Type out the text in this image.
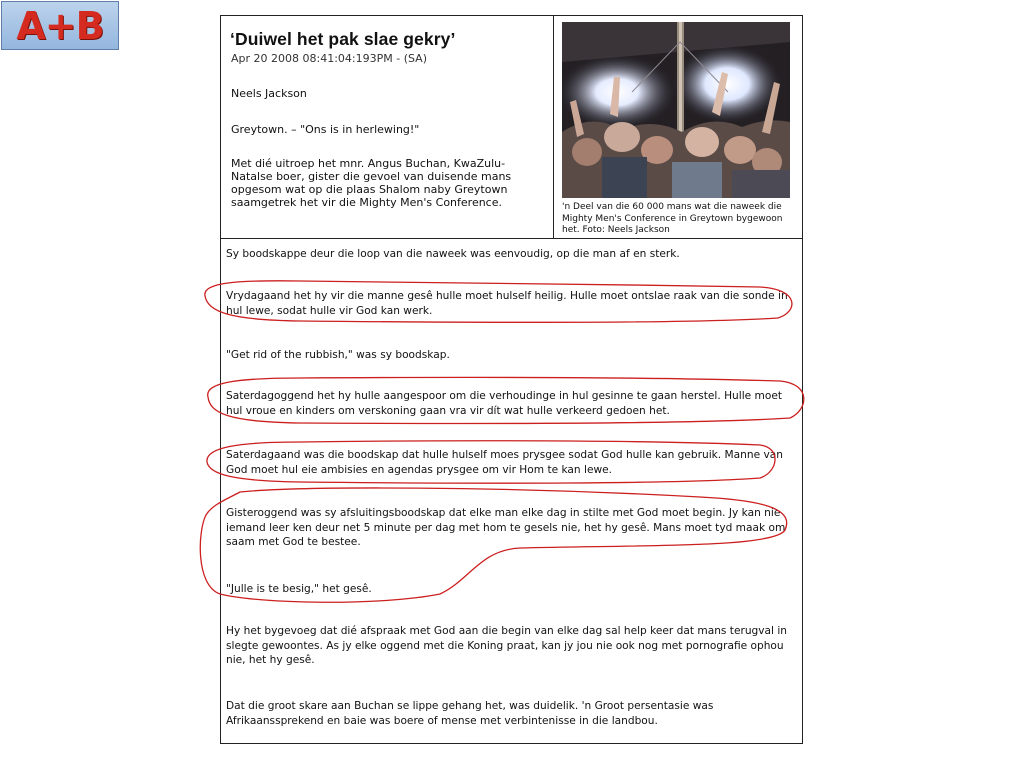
A+B	‘Duiwel het pak slae gekry’
Apr 20 2008 08:41:04:193PM - (SA)
Neels Jackson
Greytown. – "Ons is in herlewing!"

Met dié uitroep het mnr. Angus Buchan, KwaZulu-Natalse boer, gister die gevoel van duisende mans opgesom wat op die plaas Shalom naby Greytown saamgetrek het vir die Mighty Men's Conference.	'n Deel van die 60 000 mans wat die naweek die Mighty Men's Conference in Greytown bygewoon het. Foto: Neels Jackson

Sy boodskappe deur die loop van die naweek was eenvoudig, op die man af en sterk.

Vrydagaand het hy vir die manne gesê hulle moet hulself heilig. Hulle moet ontslae raak van die sonde in hul lewe, sodat hulle vir God kan werk.

"Get rid of the rubbish," was sy boodskap.

Saterdagoggend het hy hulle aangespoor om die verhoudinge in hul gesinne te gaan herstel. Hulle moet hul vroue en kinders om verskoning gaan vra vir dít wat hulle verkeerd gedoen het.

Saterdagaand was die boodskap dat hulle hulself moes prysgee sodat God hulle kan gebruik. Manne van God moet hul eie ambisies en agendas prysgee om vir Hom te kan lewe.

Gisteroggend was sy afsluitingsboodskap dat elke man elke dag in stilte met God moet begin. Jy kan nie iemand leer ken deur net 5 minute per dag met hom te gesels nie, het hy gesê. Mans moet tyd maak om saam met God te bestee.

"Julle is te besig," het gesê.

Hy het bygevoeg dat dié afspraak met God aan die begin van elke dag sal help keer dat mans terugval in slegte gewoontes. As jy elke oggend met die Koning praat, kan jy jou nie ook nog met pornografie ophou nie, het hy gesê.

Dat die groot skare aan Buchan se lippe gehang het, was duidelik. 'n Groot persentasie was Afrikaanssprekend en baie was boere of mense met verbintenisse in die landbou.
